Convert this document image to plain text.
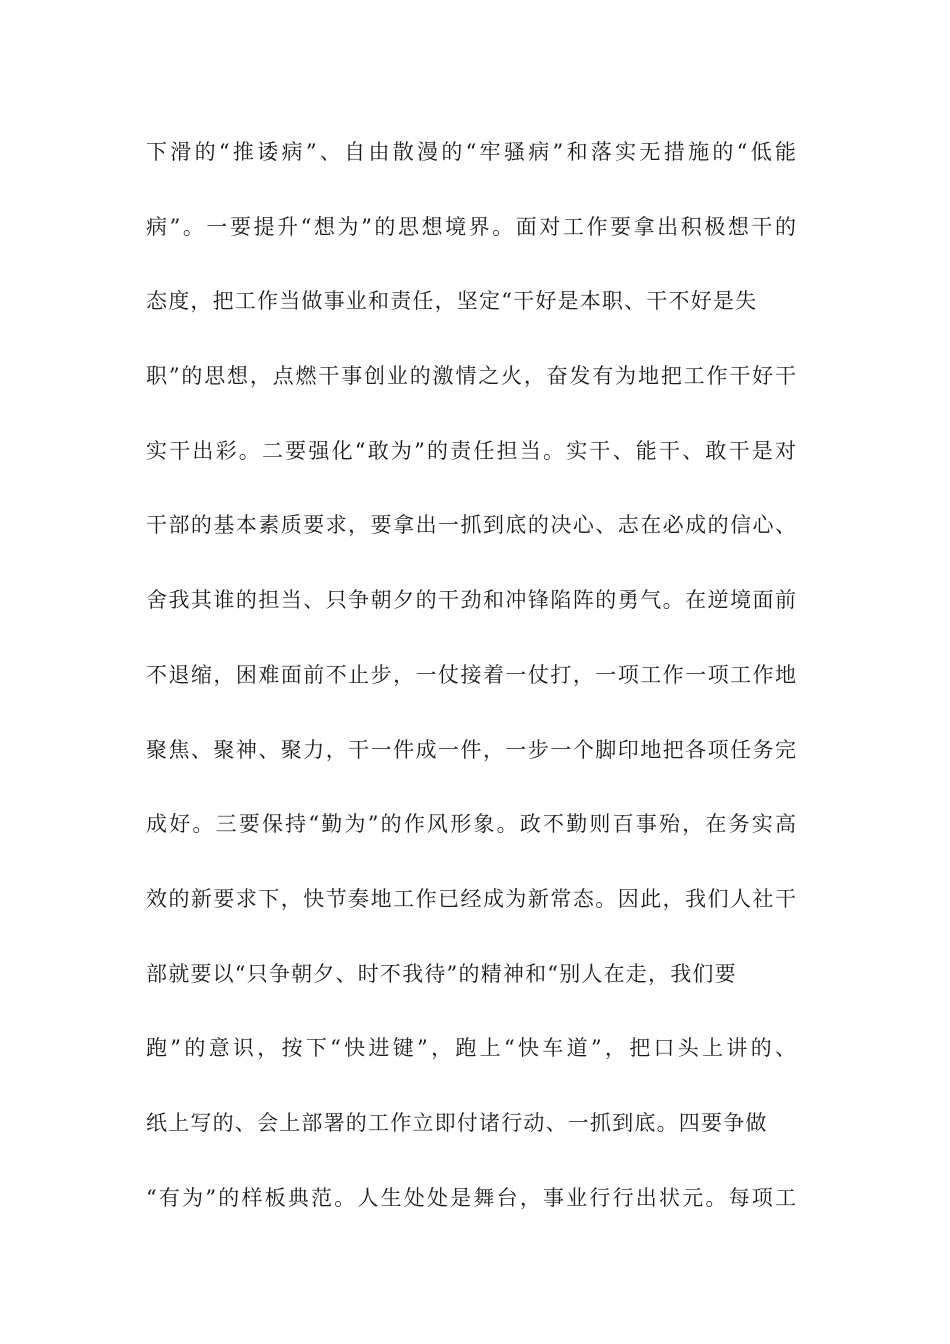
下滑的“推诿病”、自由散漫的“牢骚病”和落实无措施的“低能
病”。一要提升“想为”的思想境界。面对工作要拿出积极想干的
态度，把工作当做事业和责任，坚定“干好是本职、干不好是失
职”的思想，点燃干事创业的激情之火，奋发有为地把工作干好干
实干出彩。二要强化“敢为”的责任担当。实干、能干、敢干是对
干部的基本素质要求，要拿出一抓到底的决心、志在必成的信心、
舍我其谁的担当、只争朝夕的干劲和冲锋陷阵的勇气。在逆境面前
不退缩，困难面前不止步，一仗接着一仗打，一项工作一项工作地
聚焦、聚神、聚力，干一件成一件，一步一个脚印地把各项任务完
成好。三要保持“勤为”的作风形象。政不勤则百事殆，在务实高
效的新要求下，快节奏地工作已经成为新常态。因此，我们人社干
部就要以“只争朝夕、时不我待”的精神和“别人在走，我们要
跑”的意识，按下“快进键”，跑上“快车道”，把口头上讲的、
纸上写的、会上部署的工作立即付诸行动、一抓到底。四要争做
“有为”的样板典范。人生处处是舞台，事业行行出状元。每项工
